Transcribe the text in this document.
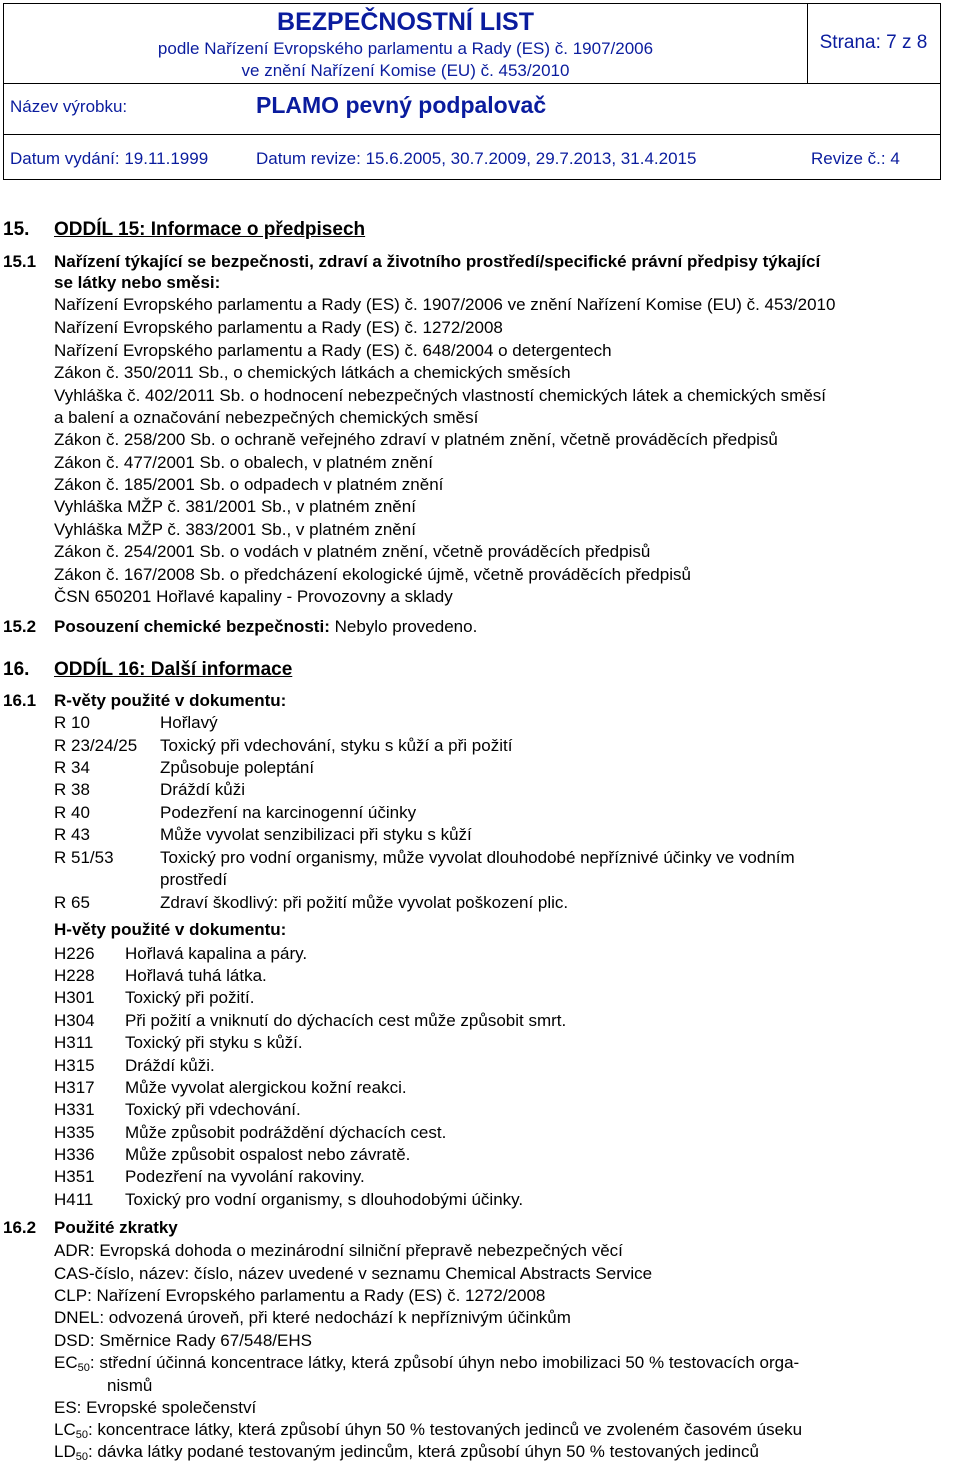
BEZPEČNOSTNÍ LIST
podle Nařízení Evropského parlamentu a Rady (ES) č. 1907/2006
ve znění Nařízení Komise (EU) č. 453/2010
Strana: 7 z 8
Název výrobku:	PLAMO pevný podpalovač
Datum vydání: 19.11.1999	Datum revize: 15.6.2005, 30.7.2009, 29.7.2013, 31.4.2015	Revize č.: 4
15. ODDÍL 15: Informace o předpisech
15.1 Nařízení týkající se bezpečnosti, zdraví a životního prostředí/specifické právní předpisy týkající
se látky nebo směsi:
Nařízení Evropského parlamentu a Rady (ES) č. 1907/2006 ve znění Nařízení Komise (EU) č. 453/2010
Nařízení Evropského parlamentu a Rady (ES) č. 1272/2008
Nařízení Evropského parlamentu a Rady (ES) č. 648/2004 o detergentech
Zákon č. 350/2011 Sb., o chemických látkách a chemických směsích
Vyhláška č. 402/2011 Sb. o hodnocení nebezpečných vlastností chemických látek a chemických směsí
a balení a označování nebezpečných chemických směsí
Zákon č. 258/200 Sb. o ochraně veřejného zdraví v platném znění, včetně prováděcích předpisů
Zákon č. 477/2001 Sb. o obalech, v platném znění
Zákon č. 185/2001 Sb. o odpadech v platném znění
Vyhláška MŽP č. 381/2001 Sb., v platném znění
Vyhláška MŽP č. 383/2001 Sb., v platném znění
Zákon č. 254/2001 Sb. o vodách v platném znění, včetně prováděcích předpisů
Zákon č. 167/2008 Sb. o předcházení ekologické újmě, včetně prováděcích předpisů
ČSN 650201 Hořlavé kapaliny - Provozovny a sklady
15.2 Posouzení chemické bezpečnosti: Nebylo provedeno.
16. ODDÍL 16: Další informace
16.1 R-věty použité v dokumentu:
R 10	Hořlavý
R 23/24/25 Toxický při vdechování, styku s kůží a při požití
R 34	Způsobuje poleptání
R 38	Dráždí kůži
R 40	Podezření na karcinogenní účinky
R 43	Může vyvolat senzibilizaci při styku s kůží
R 51/53	Toxický pro vodní organismy, může vyvolat dlouhodobé nepříznivé účinky ve vodním
prostředí
R 65	Zdraví škodlivý: při požití může vyvolat poškození plic.
H-věty použité v dokumentu:
H226 Hořlavá kapalina a páry.
H228 Hořlavá tuhá látka.
H301 Toxický při požití.
H304 Při požití a vniknutí do dýchacích cest může způsobit smrt.
H311 Toxický při styku s kůží.
H315 Dráždí kůži.
H317 Může vyvolat alergickou kožní reakci.
H331 Toxický při vdechování.
H335 Může způsobit podráždění dýchacích cest.
H336 Může způsobit ospalost nebo závratě.
H351 Podezření na vyvolání rakoviny.
H411 Toxický pro vodní organismy, s dlouhodobými účinky.
16.2 Použité zkratky
ADR: Evropská dohoda o mezinárodní silniční přepravě nebezpečných věcí
CAS-číslo, název: číslo, název uvedené v seznamu Chemical Abstracts Service
CLP: Nařízení Evropského parlamentu a Rady (ES) č. 1272/2008
DNEL: odvozená úroveň, při které nedochází k nepříznivým účinkům
DSD: Směrnice Rady 67/548/EHS
$EC_{50}$: střední účinná koncentrace látky, která způsobí úhyn nebo imobilizaci 50 % testovacích orga-
nismů
ES: Evropské společenství
$LC_{50}$: koncentrace látky, která způsobí úhyn 50 % testovaných jedinců ve zvoleném časovém úseku
$LD_{50}$: dávka látky podané testovaným jedincům, která způsobí úhyn 50 % testovaných jedinců
